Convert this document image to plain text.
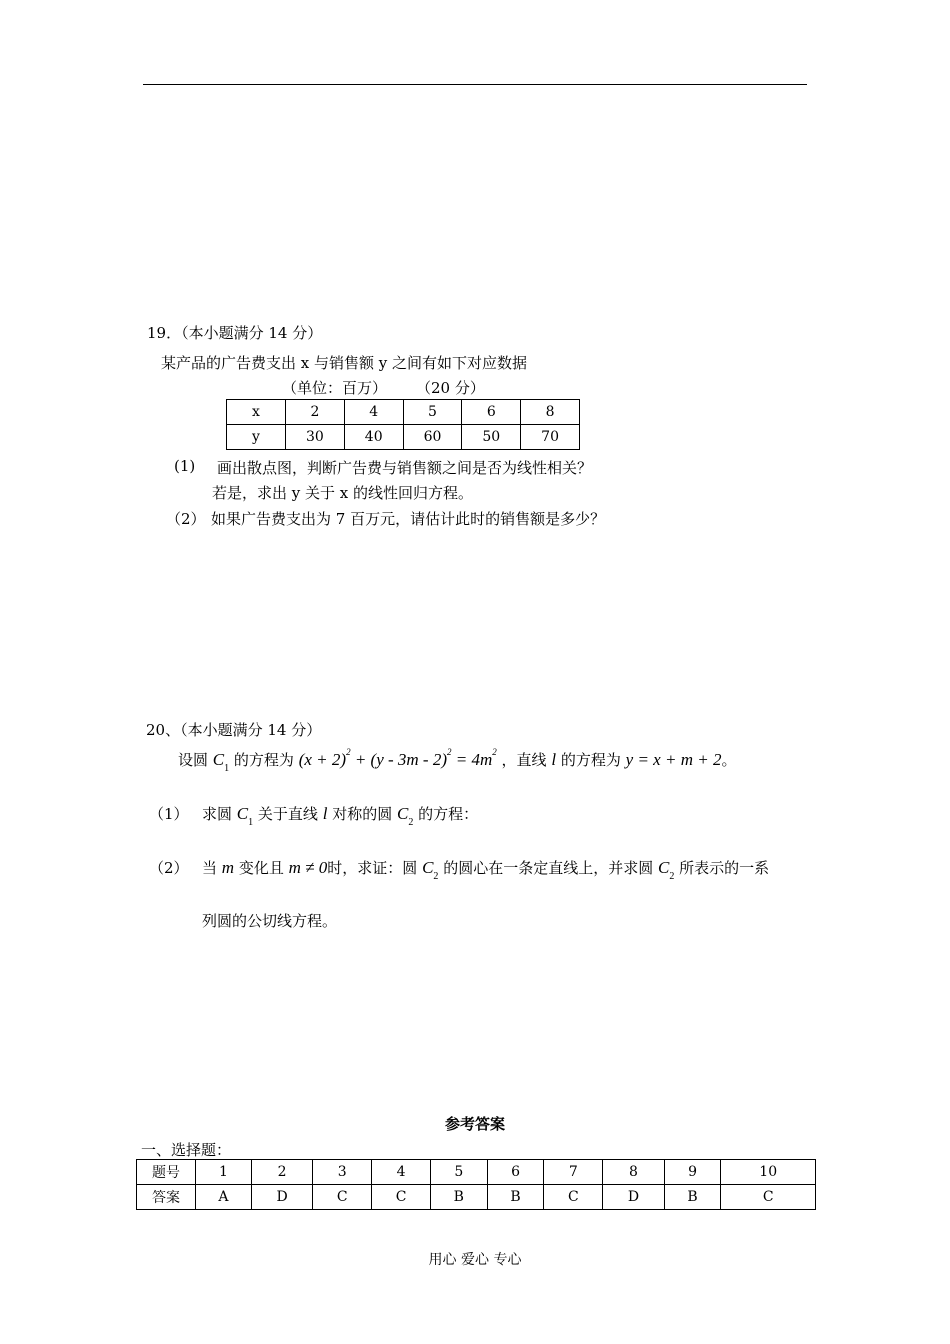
19．（本小题满分 14 分）
某产品的广告费支出 x 与销售额 y 之间有如下对应数据
（单位：百万） （20 分）
x	2	4	5	6	8
y	30	40	60	50	70
(1) 画出散点图，判断广告费与销售额之间是否为线性相关？
若是，求出 y 关于 x 的线性回归方程。
（2） 如果广告费支出为 7 百万元，请估计此时的销售额是多少？
20、（本小题满分 14 分）
设圆 $C_1$ 的方程为 $(x + 2)^2 + (y - 3m - 2)^2 = 4m^2$ ，直线 l 的方程为 y = x + m + 2。
（1） 求圆 $C_1$ 关于直线 l 对称的圆 $C_2$ 的方程：
（2） 当 m 变化且 m ≠ 0时，求证：圆 $C_2$ 的圆心在一条定直线上，并求圆 $C_2$ 所表示的一系
列圆的公切线方程。
参考答案
一、选择题：
题号	1	2	3	4	5	6	7	8	9	10
答案	A	D	C	C	B	B	C	D	B	C
用心 爱心 专心
